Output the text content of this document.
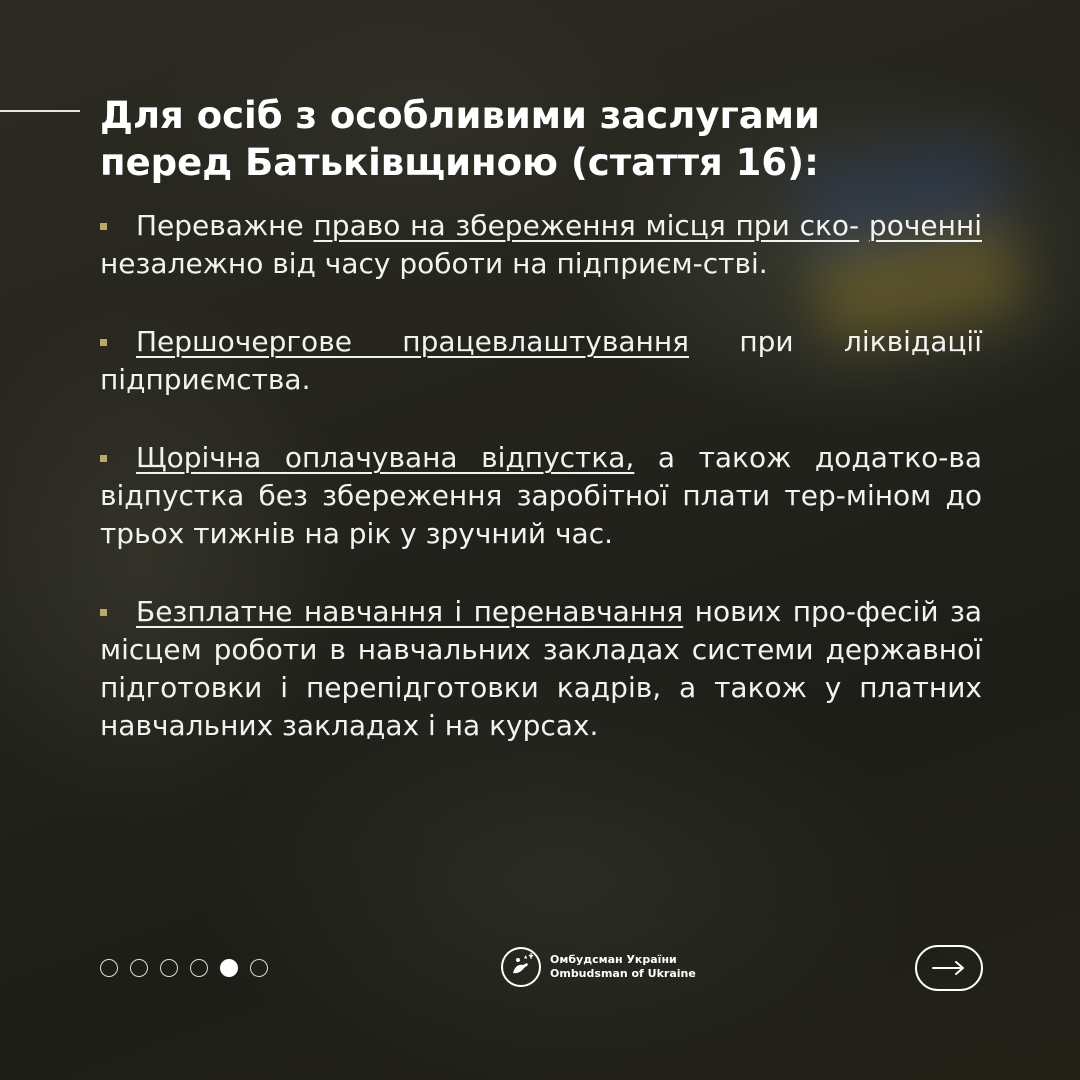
Для осіб з особливими заслугами
перед Батьківщиною (стаття 16):
Переважне право на збереження місця при ско- роченні незалежно від часу роботи на підприєм-стві.
Першочергове працевлаштування при ліквідації підприємства.
Щорічна оплачувана відпустка, а також додатко-ва відпустка без збереження заробітної плати тер-міном до трьох тижнів на рік у зручний час.
Безплатне навчання і перенавчання нових про-фесій за місцем роботи в навчальних закладах системи державної підготовки і перепідготовки кадрів, а також у платних навчальних закладах і на курсах.
Омбудсман України
Ombudsman of Ukraine
